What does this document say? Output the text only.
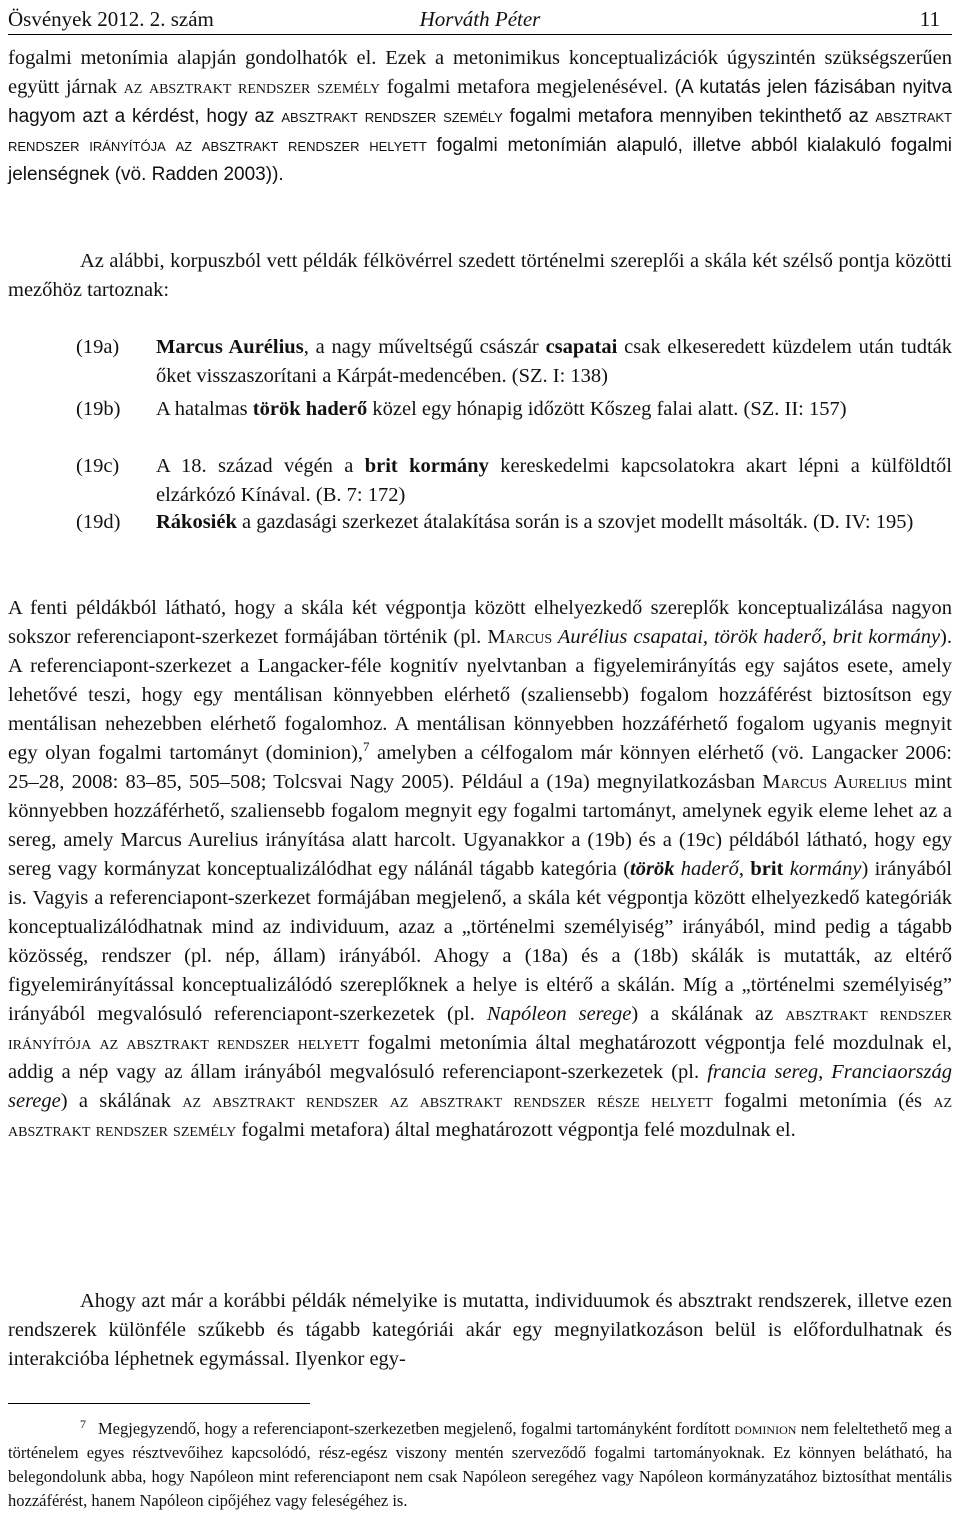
Ösvények 2012. 2. szám	Horváth Péter	11

fogalmi metonímia alapján gondolhatók el. Ezek a metonimikus konceptualizációk úgyszintén szükségszerűen együtt járnak az absztrakt rendszer személy fogalmi metafora megjelenésével. (A kutatás jelen fázisában nyitva hagyom azt a kérdést, hogy az absztrakt rendszer személy fogalmi metafora mennyiben tekinthető az absztrakt rendszer irányítója az absztrakt rendszer helyett fogalmi metonímián alapuló, illetve abból kialakuló fogalmi jelenségnek (vö. Radden 2003)).

Az alábbi, korpuszból vett példák félkövérrel szedett történelmi szereplői a skála két szélső pontja közötti mezőhöz tartoznak:

(19a) Marcus Aurélius, a nagy műveltségű császár csapatai csak elkeseredett küzdelem után tudták őket visszaszorítani a Kárpát-medencében. (SZ. I: 138)
(19b) A hatalmas török haderő közel egy hónapig időzött Kőszeg falai alatt. (SZ. II: 157)
(19c) A 18. század végén a brit kormány kereskedelmi kapcsolatokra akart lépni a külföldtől elzárkózó Kínával. (B. 7: 172)
(19d) Rákosiék a gazdasági szerkezet átalakítása során is a szovjet modellt másolták. (D. IV: 195)

A fenti példákból látható, hogy a skála két végpontja között elhelyezkedő szereplők konceptualizálása nagyon sokszor referenciapont-szerkezet formájában történik (pl. Marcus Aurélius csapatai, török haderő, brit kormány). A referenciapont-szerkezet a Langacker-féle kognitív nyelvtanban a figyelemirányítás egy sajátos esete, amely lehetővé teszi, hogy egy mentálisan könnyebben elérhető (szaliensebb) fogalom hozzáférést biztosítson egy mentálisan nehezebben elérhető fogalomhoz. A mentálisan könnyebben hozzáférhető fogalom ugyanis megnyit egy olyan fogalmi tartományt (dominion),$^7$ amelyben a célfogalom már könnyen elérhető (vö. Langacker 2006: 25–28, 2008: 83–85, 505–508; Tolcsvai Nagy 2005). Például a (19a) megnyilatkozásban Marcus Aurelius mint könnyebben hozzáférhető, szaliensebb fogalom megnyit egy fogalmi tartományt, amelynek egyik eleme lehet az a sereg, amely Marcus Aurelius irányítása alatt harcolt. Ugyanakkor a (19b) és a (19c) példából látható, hogy egy sereg vagy kormányzat konceptualizálódhat egy nálánál tágabb kategória (török haderő, brit kormány) irányából is. Vagyis a referenciapont-szerkezet formájában megjelenő, a skála két végpontja között elhelyezkedő kategóriák konceptualizálódhatnak mind az individuum, azaz a „történelmi személyiség” irányából, mind pedig a tágabb közösség, rendszer (pl. nép, állam) irányából. Ahogy a (18a) és a (18b) skálák is mutatták, az eltérő figyelemirányítással konceptualizálódó szereplőknek a helye is eltérő a skálán. Míg a „történelmi személyiség” irányából megvalósuló referenciapont-szerkezetek (pl. Napóleon serege) a skálának az absztrakt rendszer irányítója az absztrakt rendszer helyett fogalmi metonímia által meghatározott végpontja felé mozdulnak el, addig a nép vagy az állam irányából megvalósuló referenciapont-szerkezetek (pl. francia sereg, Franciaország serege) a skálának az absztrakt rendszer az absztrakt rendszer része helyett fogalmi metonímia (és az absztrakt rendszer személy fogalmi metafora) által meghatározott végpontja felé mozdulnak el.

Ahogy azt már a korábbi példák némelyike is mutatta, individuumok és absztrakt rendszerek, illetve ezen rendszerek különféle szűkebb és tágabb kategóriái akár egy megnyilatkozáson belül is előfordulhatnak és interakcióba léphetnek egymással. Ilyenkor egy-

$^7$ Megjegyzendő, hogy a referenciapont-szerkezetben megjelenő, fogalmi tartományként fordított dominion nem feleltethető meg a történelem egyes résztvevőihez kapcsolódó, rész-egész viszony mentén szerveződő fogalmi tartományoknak. Ez könnyen belátható, ha belegondolunk abba, hogy Napóleon mint referenciapont nem csak Napóleon seregéhez vagy Napóleon kormányzatához biztosíthat mentális hozzáférést, hanem Napóleon cipőjéhez vagy feleségéhez is.
